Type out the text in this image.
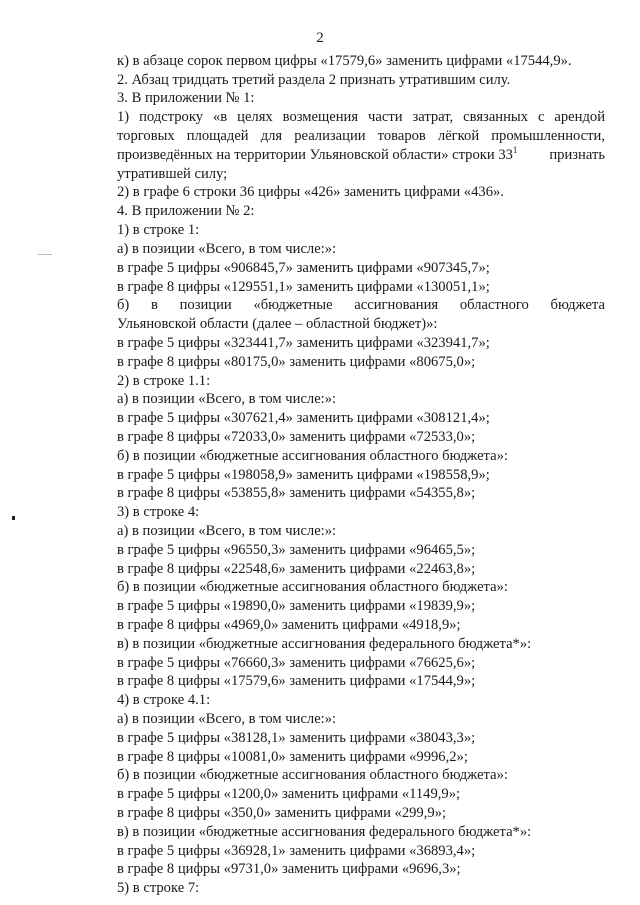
2
к) в абзаце сорок первом цифры «17579,6» заменить цифрами «17544,9».
2. Абзац тридцать третий раздела 2 признать утратившим силу.
3. В приложении № 1:
1) подстроку «в целях возмещения части затрат, связанных с арендой
торговых площадей для реализации товаров лёгкой промышленности,
произведённых на территории Ульяновской области» строки $33^1$ признать
утратившей силу;
2) в графе 6 строки 36 цифры «426» заменить цифрами «436».
4. В приложении № 2:
1) в строке 1:
а) в позиции «Всего, в том числе:»:
в графе 5 цифры «906845,7» заменить цифрами «907345,7»;
в графе 8 цифры «129551,1» заменить цифрами «130051,1»;
б) в позиции «бюджетные ассигнования областного бюджета
Ульяновской области (далее – областной бюджет)»:
в графе 5 цифры «323441,7» заменить цифрами «323941,7»;
в графе 8 цифры «80175,0» заменить цифрами «80675,0»;
2) в строке 1.1:
а) в позиции «Всего, в том числе:»:
в графе 5 цифры «307621,4» заменить цифрами «308121,4»;
в графе 8 цифры «72033,0» заменить цифрами «72533,0»;
б) в позиции «бюджетные ассигнования областного бюджета»:
в графе 5 цифры «198058,9» заменить цифрами «198558,9»;
в графе 8 цифры «53855,8» заменить цифрами «54355,8»;
3) в строке 4:
а) в позиции «Всего, в том числе:»:
в графе 5 цифры «96550,3» заменить цифрами «96465,5»;
в графе 8 цифры «22548,6» заменить цифрами «22463,8»;
б) в позиции «бюджетные ассигнования областного бюджета»:
в графе 5 цифры «19890,0» заменить цифрами «19839,9»;
в графе 8 цифры «4969,0» заменить цифрами «4918,9»;
в) в позиции «бюджетные ассигнования федерального бюджета*»:
в графе 5 цифры «76660,3» заменить цифрами «76625,6»;
в графе 8 цифры «17579,6» заменить цифрами «17544,9»;
4) в строке 4.1:
а) в позиции «Всего, в том числе:»:
в графе 5 цифры «38128,1» заменить цифрами «38043,3»;
в графе 8 цифры «10081,0» заменить цифрами «9996,2»;
б) в позиции «бюджетные ассигнования областного бюджета»:
в графе 5 цифры «1200,0» заменить цифрами «1149,9»;
в графе 8 цифры «350,0» заменить цифрами «299,9»;
в) в позиции «бюджетные ассигнования федерального бюджета*»:
в графе 5 цифры «36928,1» заменить цифрами «36893,4»;
в графе 8 цифры «9731,0» заменить цифрами «9696,3»;
5) в строке 7:
